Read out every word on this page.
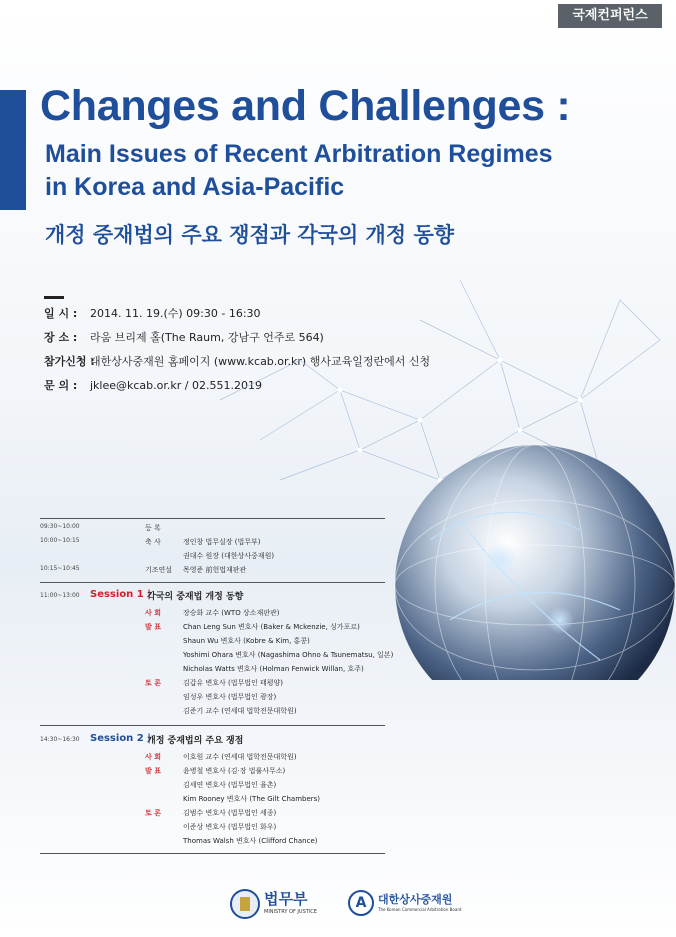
국제컨퍼런스
Changes and Challenges :
Main Issues of Recent Arbitration Regimes
in Korea and Asia-Pacific
개정 중재법의 주요 쟁점과 각국의 개정 동향
일 시 :	2014. 11. 19.(수) 09:30 - 16:30
장 소 :	라움 브리제 홀(The Raum, 강남구 언주로 564)
참가신청 :
대한상사중재원 홈페이지 (www.kcab.or.kr) 행사교육일정란에서 신청
문 의 :	jklee@kcab.or.kr / 02.551.2019
09:30~10:00	등 록
10:00~10:15	축 사	정인창 법무실장 (법무부)
권대수 원장 (대한상사중재원)
10:15~10:45	기조연설 목영준 前헌법재판관
11:00~13:00 Session 1 |
각국의 중재법 개정 동향
사 회	장승화 교수 (WTO 상소재판관)
발 표	Chan Leng Sun 변호사 (Baker & Mckenzie, 싱가포르)
Shaun Wu 변호사 (Kobre & Kim, 홍콩)
Yoshimi Ohara 변호사 (Nagashima Ohno & Tsunematsu, 일본)
Nicholas Watts 변호사 (Holman Fenwick Willan, 호주)
토 론	김갑유 변호사 (법무법인 태평양)
임성우 변호사 (법무법인 광장)
김준기 교수 (연세대 법학전문대학원)
14:30~16:30 Session 2 |
개정 중재법의 주요 쟁점
사 회	이호원 교수 (연세대 법학전문대학원)
발 표	윤병철 변호사 (김·장 법률사무소)
김세연 변호사 (법무법인 율촌)
Kim Rooney 변호사 (The Gilt Chambers)
토 론	김범수 변호사 (법무법인 세종)
이준상 변호사 (법무법인 화우)
Thomas Walsh 변호사 (Clifford Chance)
법무부
MINISTRY OF JUSTICE
A	대한상사중재원
The Korean Commercial Arbitration Board
